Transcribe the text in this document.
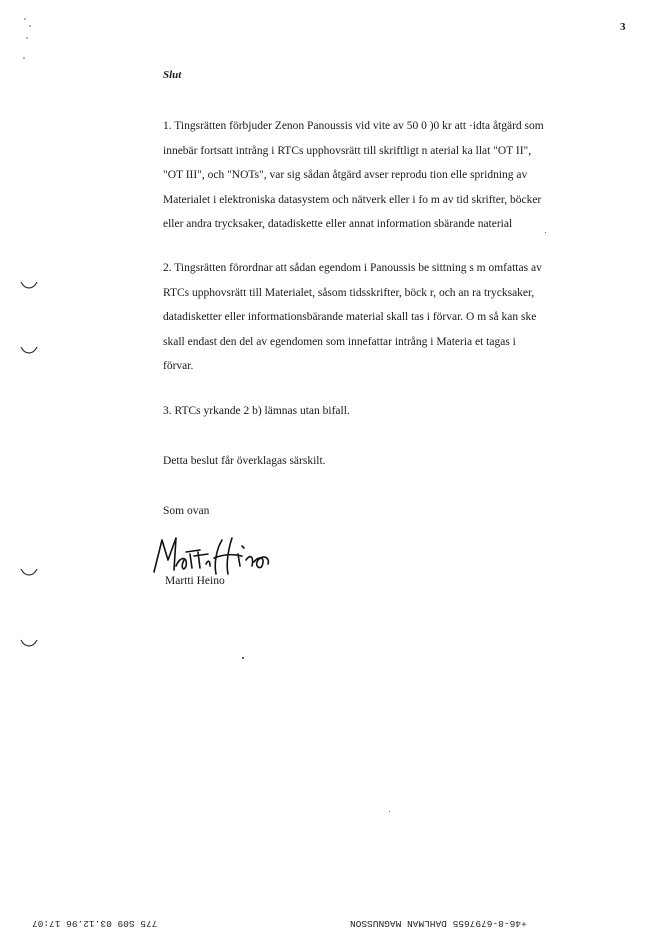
3
Slut
1. Tingsrätten förbjuder Zenon Panoussis vid vite av 50 0 )0 kr att ·idta åtgärd som
innebär fortsatt intrång i RTCs upphovsrätt till skriftligt n aterial ka llat "OT II",
"OT III", och "NOTs", var sig sådan åtgärd avser reprodu tion elle spridning av
Materialet i elektroniska datasystem och nätverk eller i fo m av tid skrifter, böcker
eller andra trycksaker, datadiskette eller annat information sbärande naterial
2. Tingsrätten förordnar att sådan egendom i Panoussis be sittning s m omfattas av
RTCs upphovsrätt till Materialet, såsom tidsskrifter, böck r, och an ra trycksaker,
datadisketter eller informationsbärande material skall tas i förvar. O m så kan ske
skall endast den del av egendomen som innefattar intrång i Materia et tagas i
förvar.
3. RTCs yrkande 2 b) lämnas utan bifall.
Detta beslut får överklagas särskilt.
Som ovan
Martti Heino
775 S09 03.12.96 17:07	+46-8-6797655 DAHLMAN MAGNUSSON
